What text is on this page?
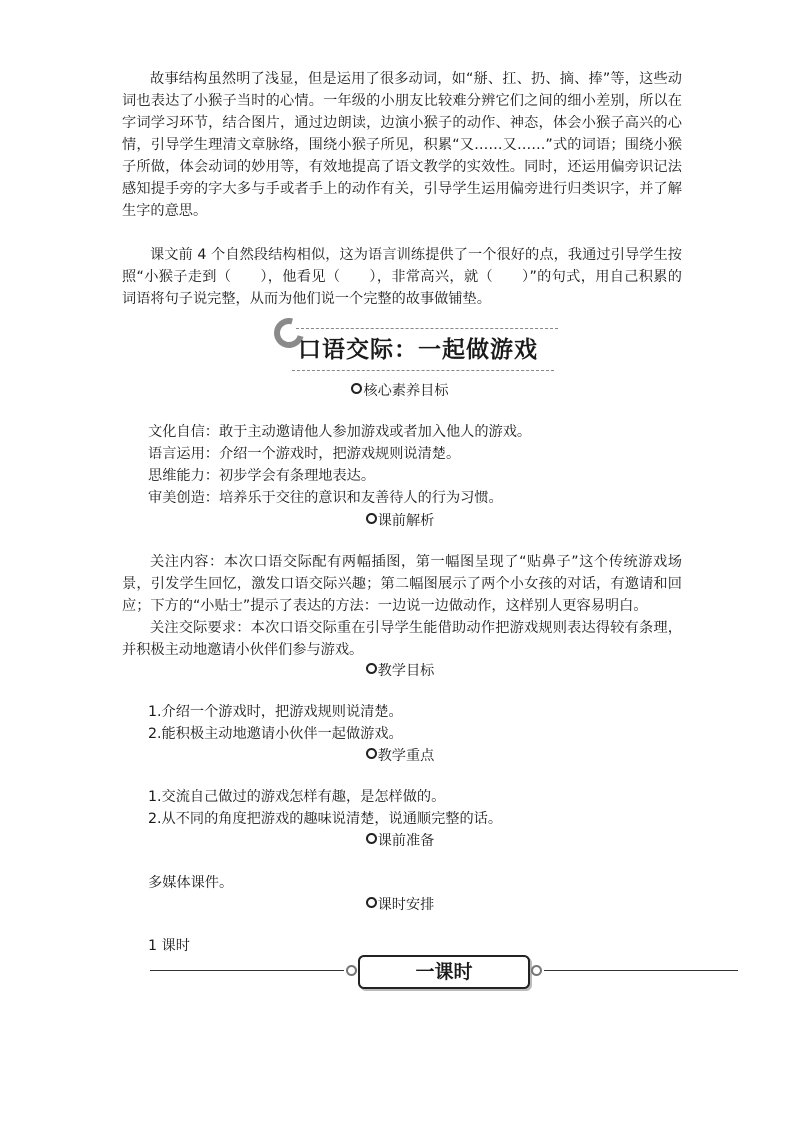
故事结构虽然明了浅显，但是运用了很多动词，如“掰、扛、扔、摘、捧”等，这些动词也表达了小猴子当时的心情。一年级的小朋友比较难分辨它们之间的细小差别，所以在字词学习环节，结合图片，通过边朗读，边演小猴子的动作、神态，体会小猴子高兴的心情，引导学生理清文章脉络，围绕小猴子所见，积累“又……又……”式的词语；围绕小猴子所做，体会动词的妙用等，有效地提高了语文教学的实效性。同时，还运用偏旁识记法感知提手旁的字大多与手或者手上的动作有关，引导学生运用偏旁进行归类识字，并了解生字的意思。

课文前 4 个自然段结构相似，这为语言训练提供了一个很好的点，我通过引导学生按照“小猴子走到（　　），他看见（　　），非常高兴，就（　　）”的句式，用自己积累的词语将句子说完整，从而为他们说一个完整的故事做铺垫。

口语交际：一起做游戏
核心素养目标

文化自信：敢于主动邀请他人参加游戏或者加入他人的游戏。

语言运用：介绍一个游戏时，把游戏规则说清楚。

思维能力：初步学会有条理地表达。

审美创造：培养乐于交往的意识和友善待人的行为习惯。

课前解析

关注内容：本次口语交际配有两幅插图，第一幅图呈现了“贴鼻子”这个传统游戏场景，引发学生回忆，激发口语交际兴趣；第二幅图展示了两个小女孩的对话，有邀请和回应；下方的“小贴士”提示了表达的方法：一边说一边做动作，这样别人更容易明白。

关注交际要求：本次口语交际重在引导学生能借助动作把游戏规则表达得较有条理，并积极主动地邀请小伙伴们参与游戏。

教学目标

1.介绍一个游戏时，把游戏规则说清楚。

2.能积极主动地邀请小伙伴一起做游戏。

教学重点

1.交流自己做过的游戏怎样有趣，是怎样做的。

2.从不同的角度把游戏的趣味说清楚，说通顺完整的话。

课前准备

多媒体课件。

课时安排

1 课时

一课时
